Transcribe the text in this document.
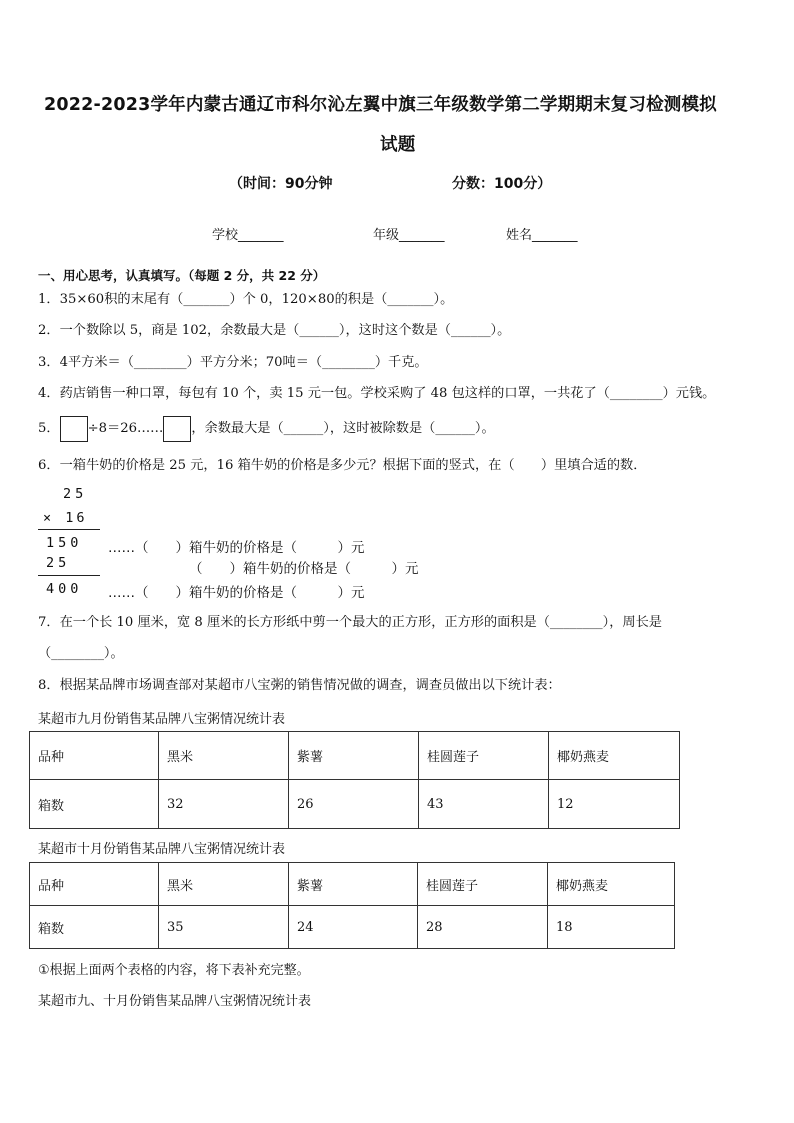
2022-2023学年内蒙古通辽市科尔沁左翼中旗三年级数学第二学期期末复习检测模拟
试题
（时间：90分钟	分数：100分）
学校_______	年级_______	姓名_______
一、用心思考，认真填写。（每题 2 分，共 22 分）
1．35×60积的末尾有（_______）个 0，120×80的积是（_______）。
2．一个数除以 5，商是 102，余数最大是（______），这时这个数是（______）。
3．4平方米＝（________）平方分米；70吨＝（________）千克。
4．药店销售一种口罩，每包有 10 个，卖 15 元一包。学校采购了 48 包这样的口罩，一共花了（________）元钱。
5． ÷8＝26…… ，余数最大是（______），这时被除数是（______）。
6．一箱牛奶的价格是 25 元，16 箱牛奶的价格是多少元？根据下面的竖式，在（　　）里填合适的数．
25
× 16
150
25
400
……（　　）箱牛奶的价格是（　　　）元
（　　）箱牛奶的价格是（　　　）元
……（　　）箱牛奶的价格是（　　　）元
7．在一个长 10 厘米，宽 8 厘米的长方形纸中剪一个最大的正方形，正方形的面积是（________），周长是
（________）。
8．根据某品牌市场调查部对某超市八宝粥的销售情况做的调查，调查员做出以下统计表：
某超市九月份销售某品牌八宝粥情况统计表
品种	黑米	紫薯	桂圆莲子	椰奶燕麦
箱数	32	26	43	12
某超市十月份销售某品牌八宝粥情况统计表
品种	黑米	紫薯	桂圆莲子	椰奶燕麦
箱数	35	24	28	18
①根据上面两个表格的内容，将下表补充完整。
某超市九、十月份销售某品牌八宝粥情况统计表
